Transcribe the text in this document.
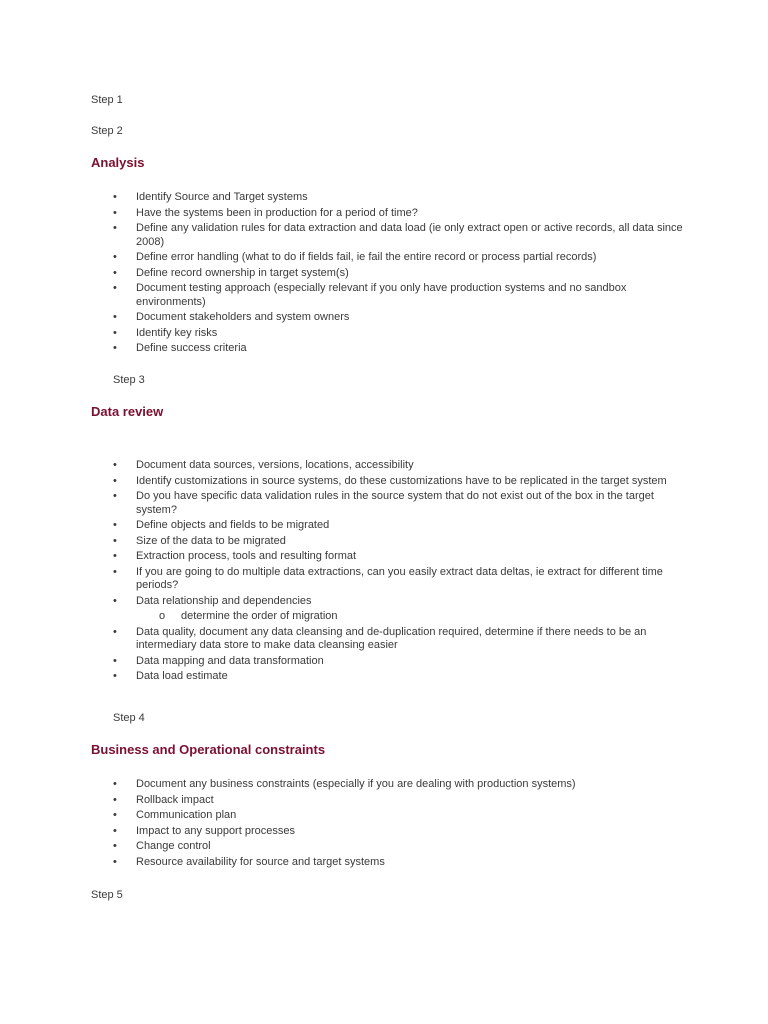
Step 1
Step 2
Analysis
• Identify Source and Target systems
• Have the systems been in production for a period of time?
• Define any validation rules for data extraction and data load (ie only extract open or active records, all data since 2008)
• Define error handling (what to do if fields fail, ie fail the entire record or process partial records)
• Define record ownership in target system(s)
• Document testing approach (especially relevant if you only have production systems and no sandbox environments)
• Document stakeholders and system owners
• Identify key risks
• Define success criteria
Step 3
Data review
• Document data sources, versions, locations, accessibility
• Identify customizations in source systems, do these customizations have to be replicated in the target system
• Do you have specific data validation rules in the source system that do not exist out of the box in the target system?
• Define objects and fields to be migrated
• Size of the data to be migrated
• Extraction process, tools and resulting format
• If you are going to do multiple data extractions, can you easily extract data deltas, ie extract for different time periods?
• Data relationship and dependencies
o determine the order of migration
• Data quality, document any data cleansing and de-duplication required, determine if there needs to be an intermediary data store to make data cleansing easier
• Data mapping and data transformation
• Data load estimate
Step 4
Business and Operational constraints
• Document any business constraints (especially if you are dealing with production systems)
• Rollback impact
• Communication plan
• Impact to any support processes
• Change control
• Resource availability for source and target systems
Step 5
